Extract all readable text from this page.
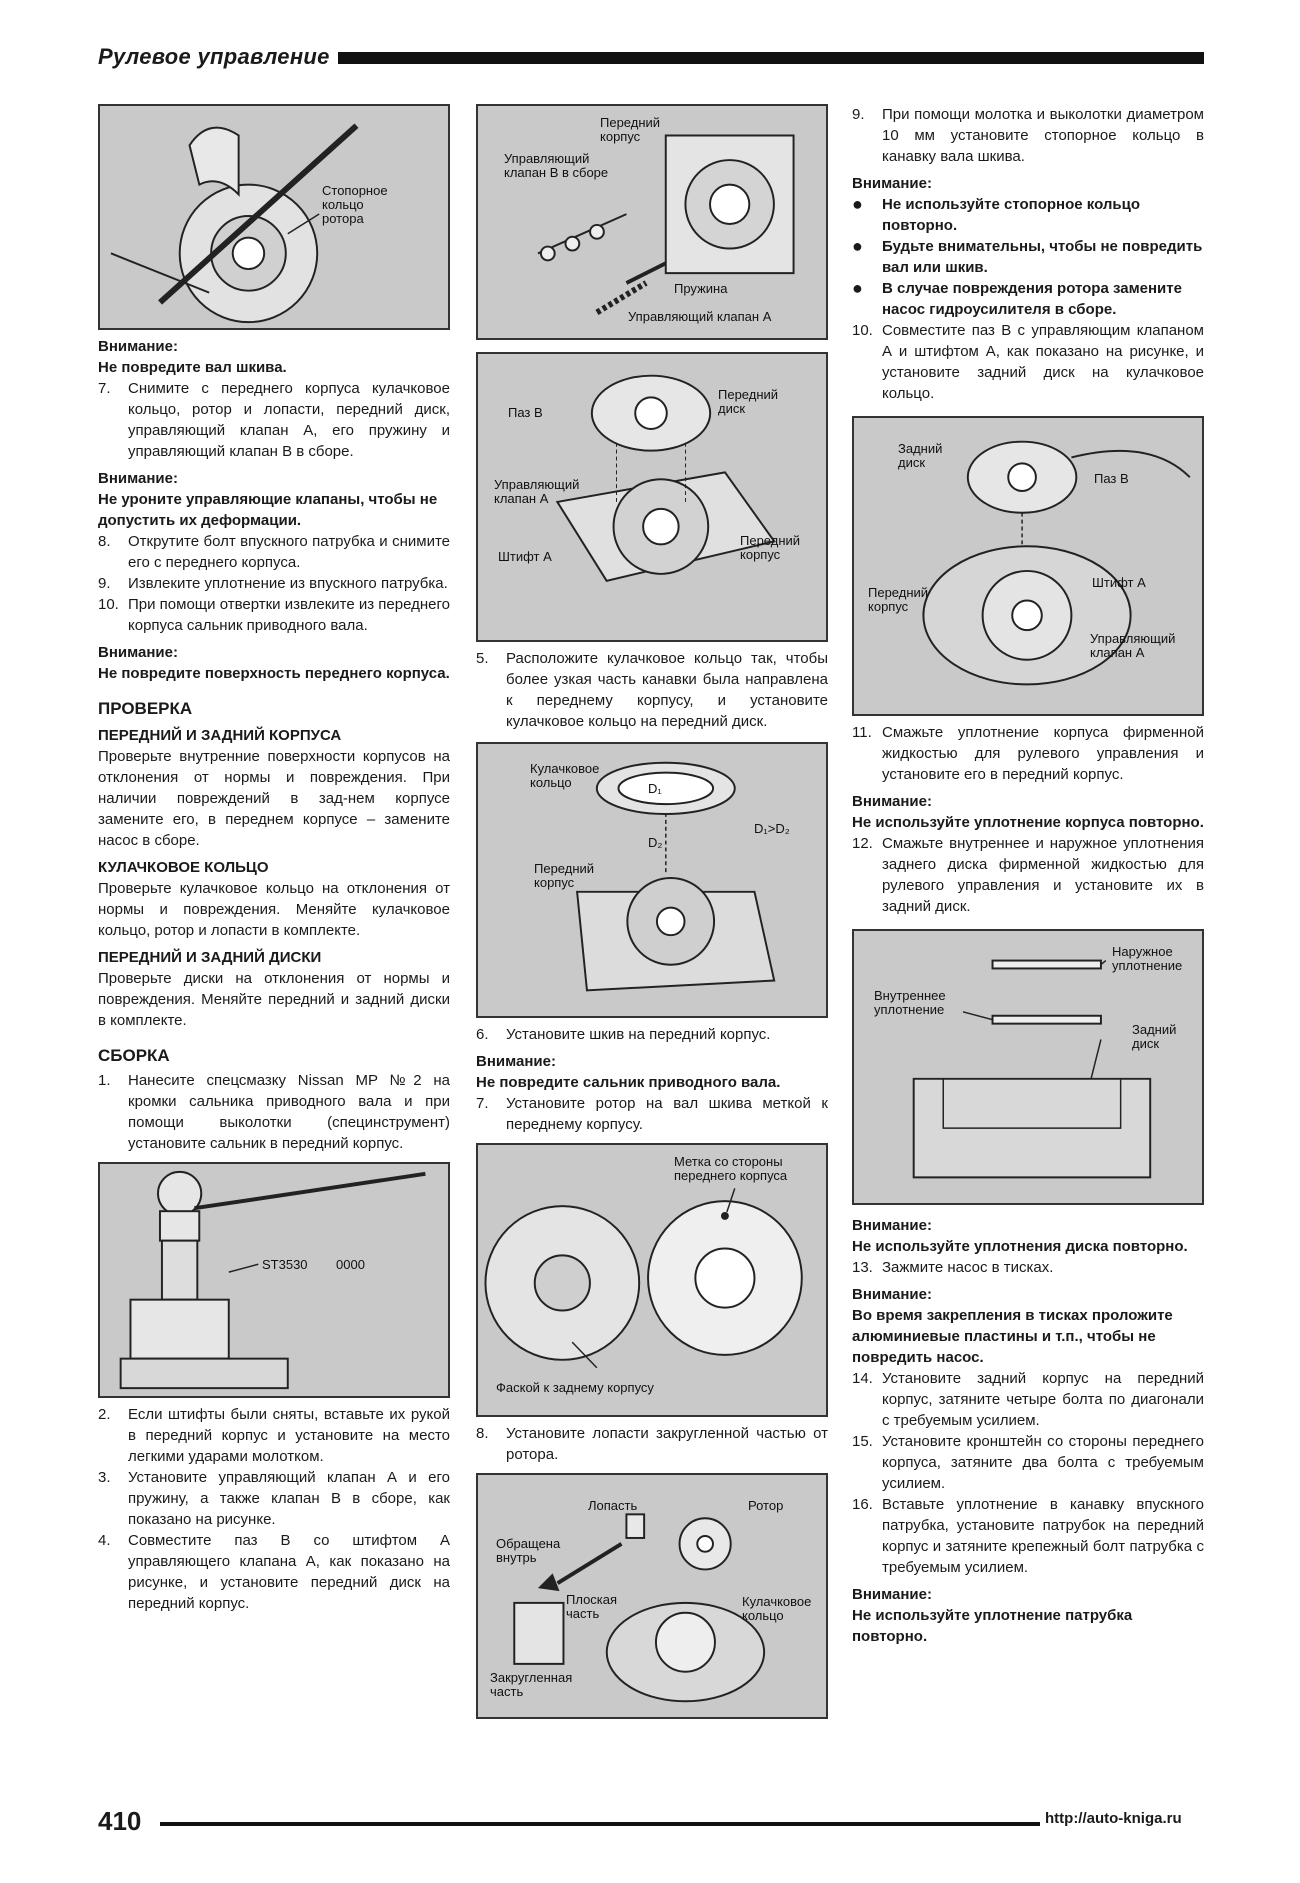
Рулевое управление
Стопорное
кольцо
ротора
Внимание:
Не повредите вал шкива.
7.	Снимите с переднего корпуса кулачковое кольцо, ротор и лопасти, передний диск, управляющий клапан А, его пружину и управляющий клапан В в сборе.
Внимание:
Не уроните управляющие клапаны, чтобы не допустить их деформации.
8.	Открутите болт впускного патрубка и снимите его с переднего корпуса.
9.	Извлеките уплотнение из впускного патрубка.
10. При помощи отвертки извлеките из переднего корпуса сальник приводного вала.
Внимание:
Не повредите поверхность переднего корпуса.
ПРОВЕРКА
ПЕРЕДНИЙ И ЗАДНИЙ КОРПУСА
Проверьте внутренние поверхности корпусов на отклонения от нормы и повреждения. При наличии повреждений в зад-нем корпусе замените его, в переднем корпусе – замените насос в сборе.
КУЛАЧКОВОЕ КОЛЬЦО
Проверьте кулачковое кольцо на отклонения от нормы и повреждения. Меняйте кулачковое кольцо, ротор и лопасти в комплекте.
ПЕРЕДНИЙ И ЗАДНИЙ ДИСКИ
Проверьте диски на отклонения от нормы и повреждения. Меняйте передний и задний диски в комплекте.
СБОРКА
1.	Нанесите спецсмазку Nissan MP №2 на кромки сальника приводного вала и при помощи выколотки (специнструмент) установите сальник в передний корпус.
ST3530 0000
2.	Если штифты были сняты, вставьте их рукой в передний корпус и установите на место легкими ударами молотком.
3.	Установите управляющий клапан А и его пружину, а также клапан В в сборе, как показано на рисунке.
4.	Совместите паз В со штифтом А управляющего клапана А, как показано на рисунке, и установите передний диск на передний корпус.
Передний
корпус
Управляющий
клапан В в сборе
Пружина
Управляющий клапан А
Паз В
Передний
диск
Управляющий
клапан А
Штифт А
Передний
корпус
5.	Расположите кулачковое кольцо так, чтобы более узкая часть канавки была направлена к переднему корпусу, и установите кулачковое кольцо на передний диск.
Кулачковое
кольцо	D₁
D₂
D₁>D₂
Передний
корпус
6.	Установите шкив на передний корпус.
Внимание:
Не повредите сальник приводного вала.
7.	Установите ротор на вал шкива меткой к переднему корпусу.
Метка со стороны
переднего корпуса
Фаской к заднему корпусу
8.	Установите лопасти закругленной частью от ротора.
Лопасть	Ротор
Обращена
внутрь
Плоская
часть
Кулачковое
кольцо
Закругленная
часть
9.	При помощи молотка и выколотки диаметром 10 мм установите стопорное кольцо в канавку вала шкива.
Внимание:
●	Не используйте стопорное кольцо повторно.
●	Будьте внимательны, чтобы не повредить вал или шкив.
●	В случае повреждения ротора замените насос гидроусилителя в сборе.
10. Совместите паз В с управляющим клапаном А и штифтом А, как показано на рисунке, и установите задний диск на кулачковое кольцо.
Задний
диск
Паз В
Передний
корпус
Штифт А
Управляющий
клапан А
11. Смажьте уплотнение корпуса фирменной жидкостью для рулевого управления и установите его в передний корпус.
Внимание:
Не используйте уплотнение корпуса повторно.
12. Смажьте внутреннее и наружное уплотнения заднего диска фирменной жидкостью для рулевого управления и установите их в задний диск.
Наружное
уплотнение
Внутреннее
уплотнение
Задний
диск
Внимание:
Не используйте уплотнения диска повторно.
13. Зажмите насос в тисках.
Внимание:
Во время закрепления в тисках проложите алюминиевые пластины и т.п., чтобы не повредить насос.
14. Установите задний корпус на передний корпус, затяните четыре болта по диагонали с требуемым усилием.
15. Установите кронштейн со стороны переднего корпуса, затяните два болта с требуемым усилием.
16. Вставьте уплотнение в канавку впускного патрубка, установите патрубок на передний корпус и затяните крепежный болт патрубка с требуемым усилием.
Внимание:
Не используйте уплотнение патрубка повторно.
410	http://auto-kniga.ru
